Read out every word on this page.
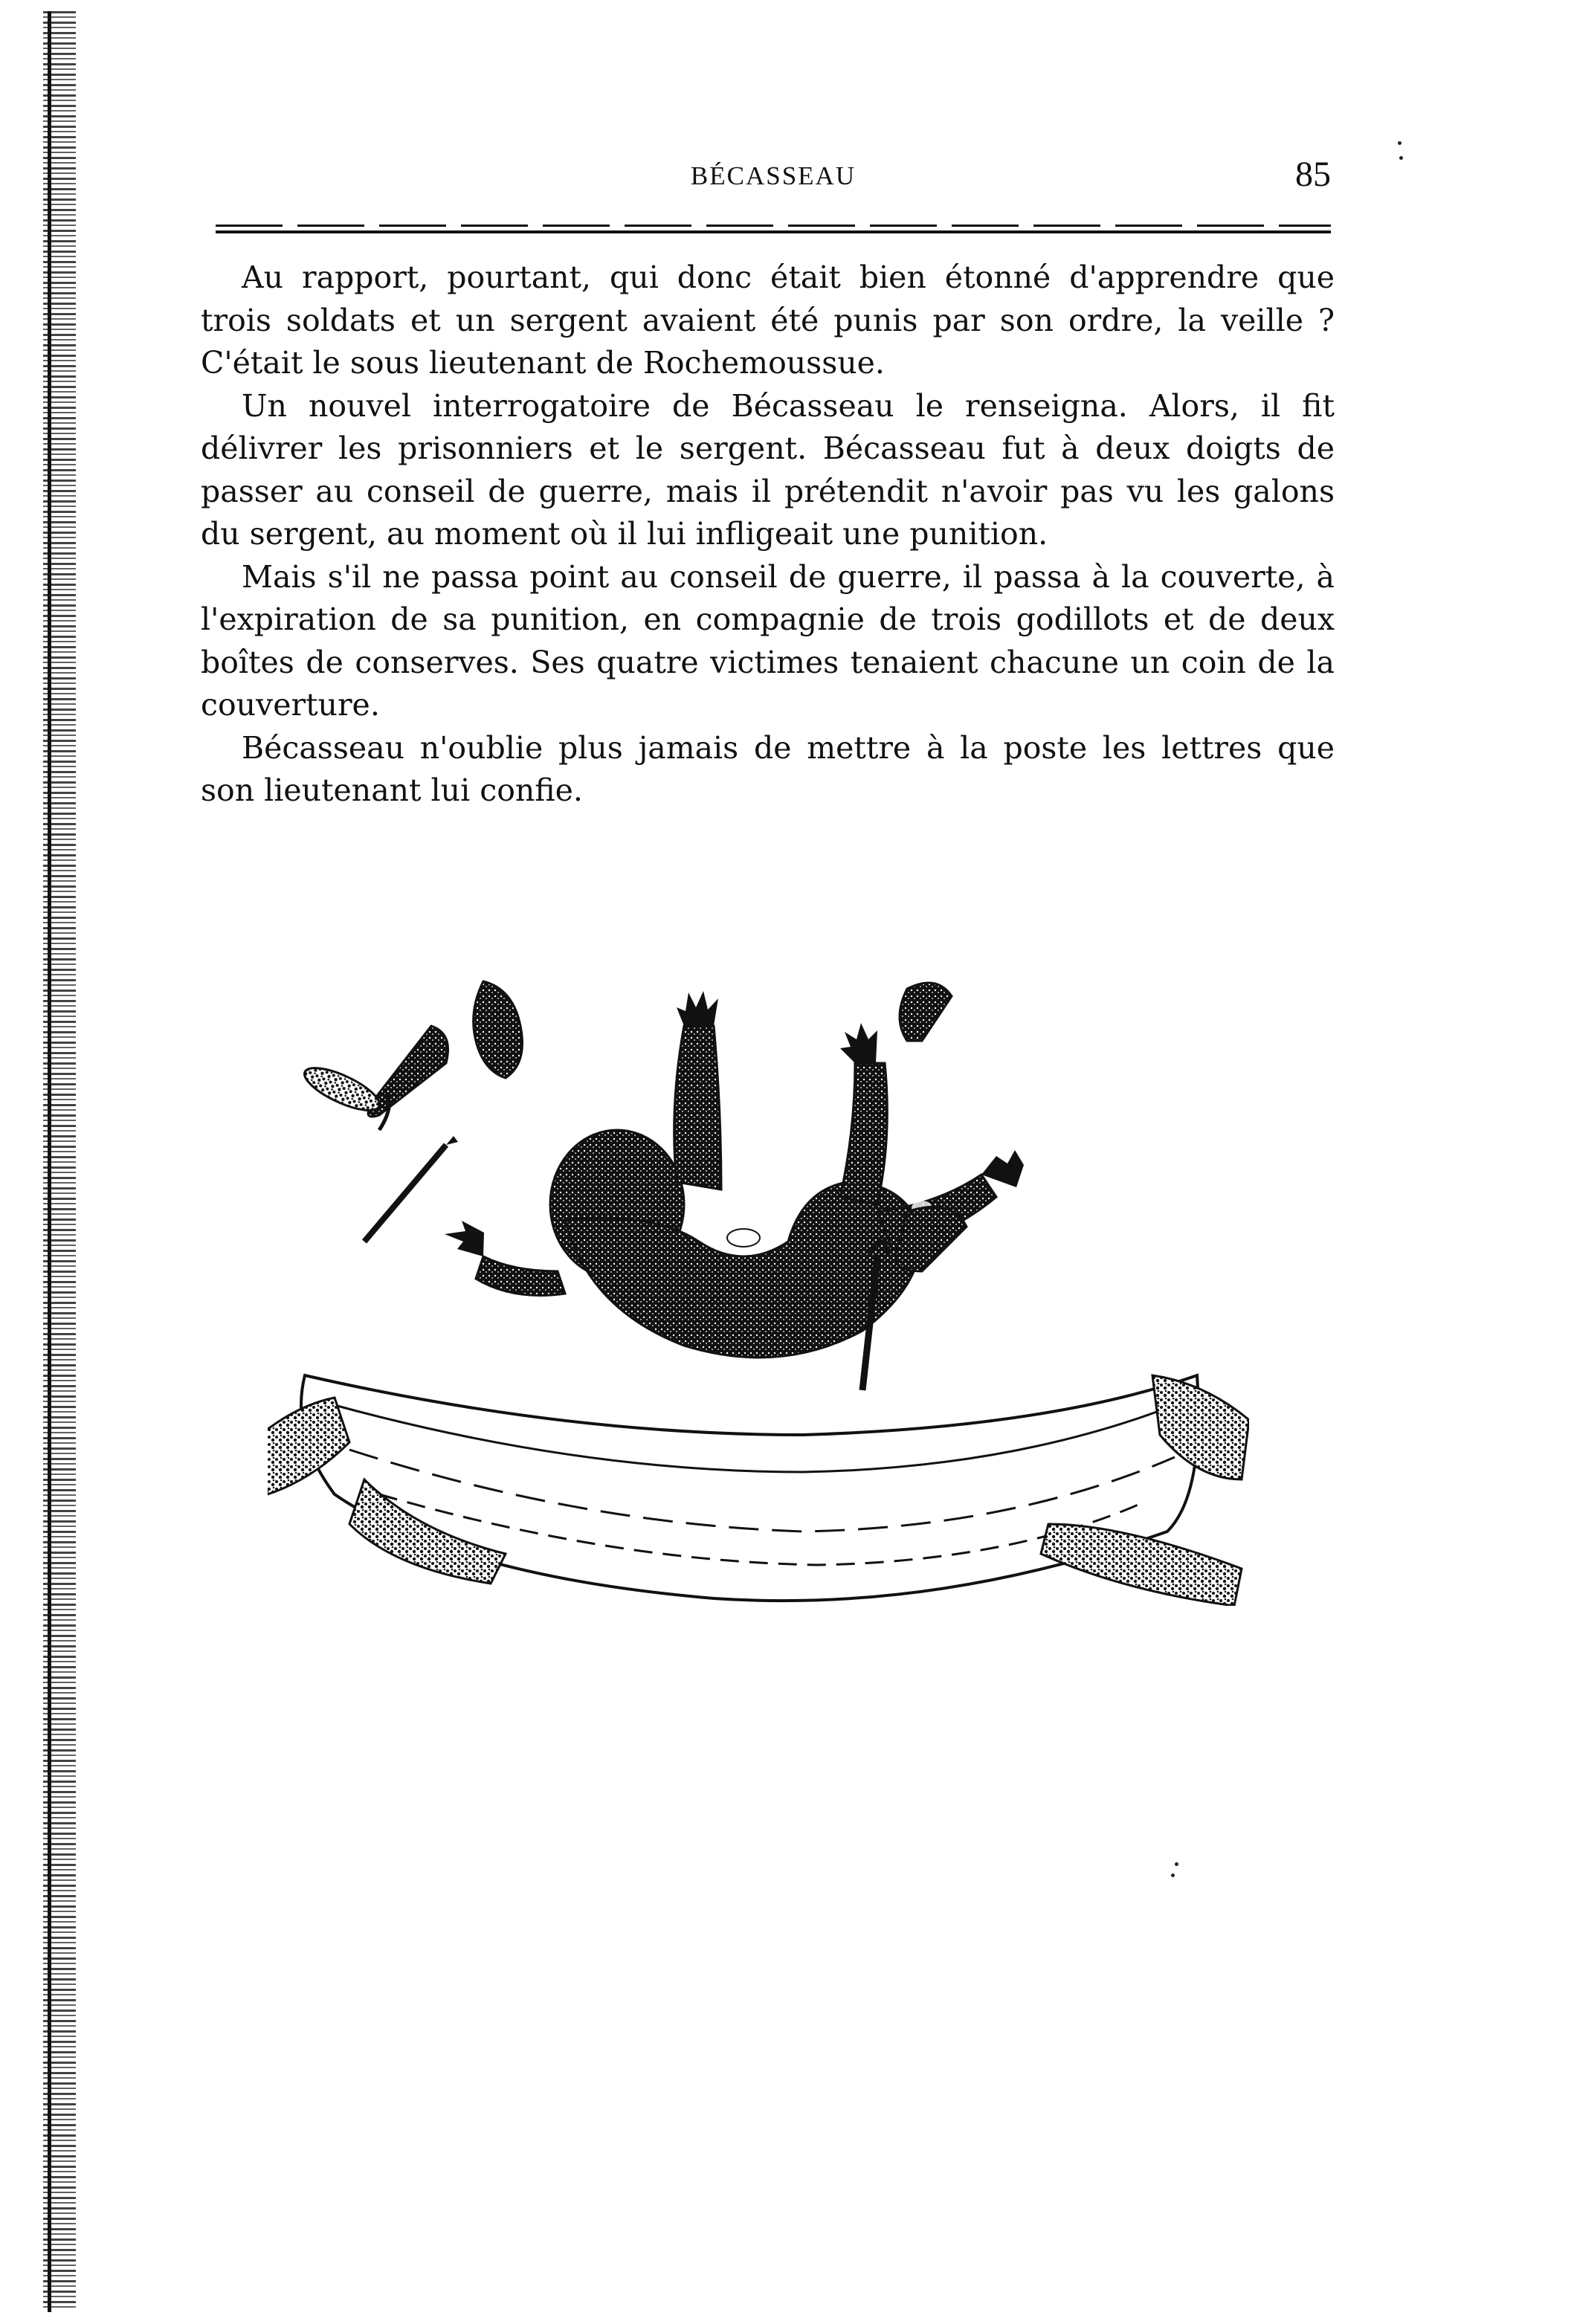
BÉCASSEAU	85

Au rapport, pourtant, qui donc était bien étonné d'apprendre que trois soldats et un sergent avaient été punis par son ordre, la veille ? C'était le sous lieutenant de Rochemoussue.

Un nouvel interrogatoire de Bécasseau le renseigna. Alors, il fit délivrer les prisonniers et le sergent. Bécasseau fut à deux doigts de passer au conseil de guerre, mais il prétendit n'avoir pas vu les galons du sergent, au moment où il lui infligeait une punition.

Mais s'il ne passa point au conseil de guerre, il passa à la couverte, à l'expiration de sa punition, en compagnie de trois godillots et de deux boîtes de conserves. Ses quatre victimes tenaient chacune un coin de la couverture.

Bécasseau n'oublie plus jamais de mettre à la poste les lettres que son lieutenant lui confie.
